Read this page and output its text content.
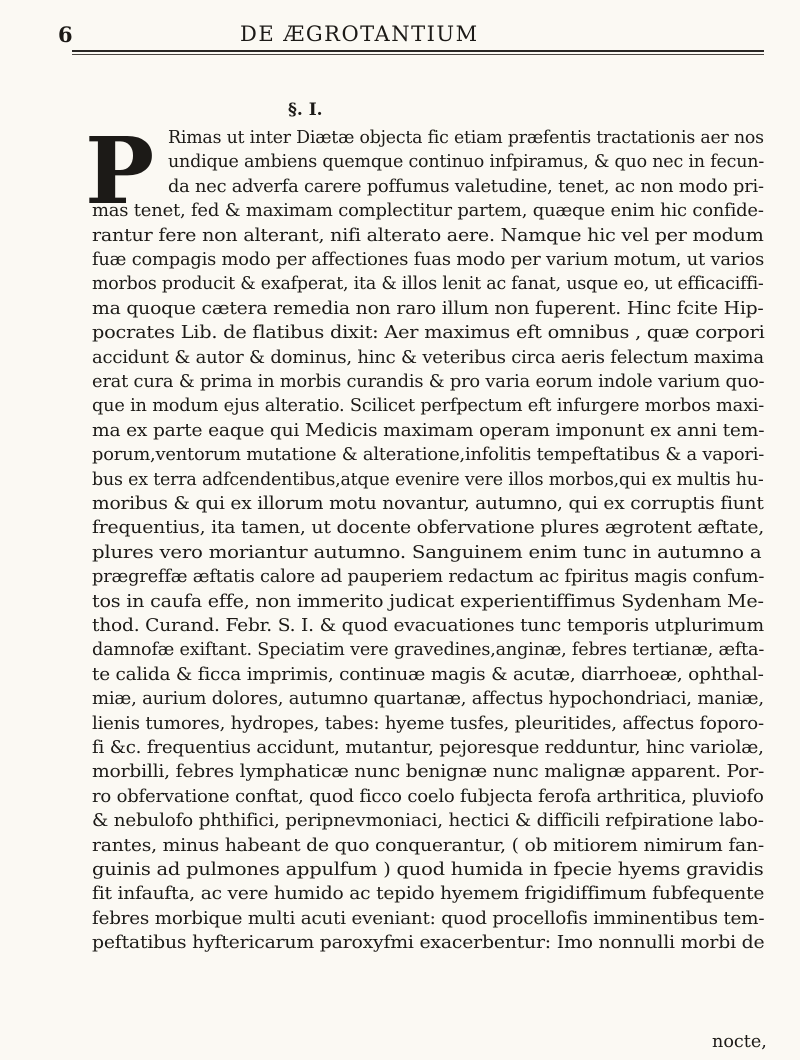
6	DE ÆGROTANTIUM
§. I.
P Rimas ut inter Diætæ objecta fic etiam præfentis tractationis aer nos
undique ambiens quemque continuo infpiramus, & quo nec in fecun-
da nec adverfa carere poffumus valetudine, tenet, ac non modo pri-
mas tenet, fed & maximam complectitur partem, quæque enim hic confide-
rantur fere non alterant, nifi alterato aere. Namque hic vel per modum
fuæ compagis modo per affectiones fuas modo per varium motum, ut varios
morbos producit & exafperat, ita & illos lenit ac fanat, usque eo, ut efficaciffi-
ma quoque cætera remedia non raro illum non fuperent. Hinc fcite Hip-
pocrates Lib. de flatibus dixit: Aer maximus eft omnibus , quæ corpori
accidunt & autor & dominus, hinc & veteribus circa aeris felectum maxima
erat cura & prima in morbis curandis & pro varia eorum indole varium quo-
que in modum ejus alteratio. Scilicet perfpectum eft infurgere morbos maxi-
ma ex parte eaque qui Medicis maximam operam imponunt ex anni tem-
porum,ventorum mutatione & alteratione,infolitis tempeftatibus & a vapori-
bus ex terra adfcendentibus,atque evenire vere illos morbos,qui ex multis hu-
moribus & qui ex illorum motu novantur, autumno, qui ex corruptis fiunt
frequentius, ita tamen, ut docente obfervatione plures ægrotent æftate,
plures vero moriantur autumno. Sanguinem enim tunc in autumno a
prægreffæ æftatis calore ad pauperiem redactum ac fpiritus magis confum-
tos in caufa effe, non immerito judicat experientiffimus Sydenham Me-
thod. Curand. Febr. S. I. & quod evacuationes tunc temporis utplurimum
damnofæ exiftant. Speciatim vere gravedines,anginæ, febres tertianæ, æfta-
te calida & ficca imprimis, continuæ magis & acutæ, diarrhoeæ, ophthal-
miæ, aurium dolores, autumno quartanæ, affectus hypochondriaci, maniæ,
lienis tumores, hydropes, tabes: hyeme tusfes, pleuritides, affectus foporo-
fi &c. frequentius accidunt, mutantur, pejoresque redduntur, hinc variolæ,
morbilli, febres lymphaticæ nunc benignæ nunc malignæ apparent. Por-
ro obfervatione conftat, quod ficco coelo fubjecta ferofa arthritica, pluviofo
& nebulofo phthifici, peripnevmoniaci, hectici & difficili refpiratione labo-
rantes, minus habeant de quo conquerantur, ( ob mitiorem nimirum fan-
guinis ad pulmones appulfum ) quod humida in fpecie hyems gravidis
fit infaufta, ac vere humido ac tepido hyemem frigidiffimum fubfequente
febres morbique multi acuti eveniant: quod procellofis imminentibus tem-
peftatibus hyftericarum paroxyfmi exacerbentur: Imo nonnulli morbi de
nocte,
